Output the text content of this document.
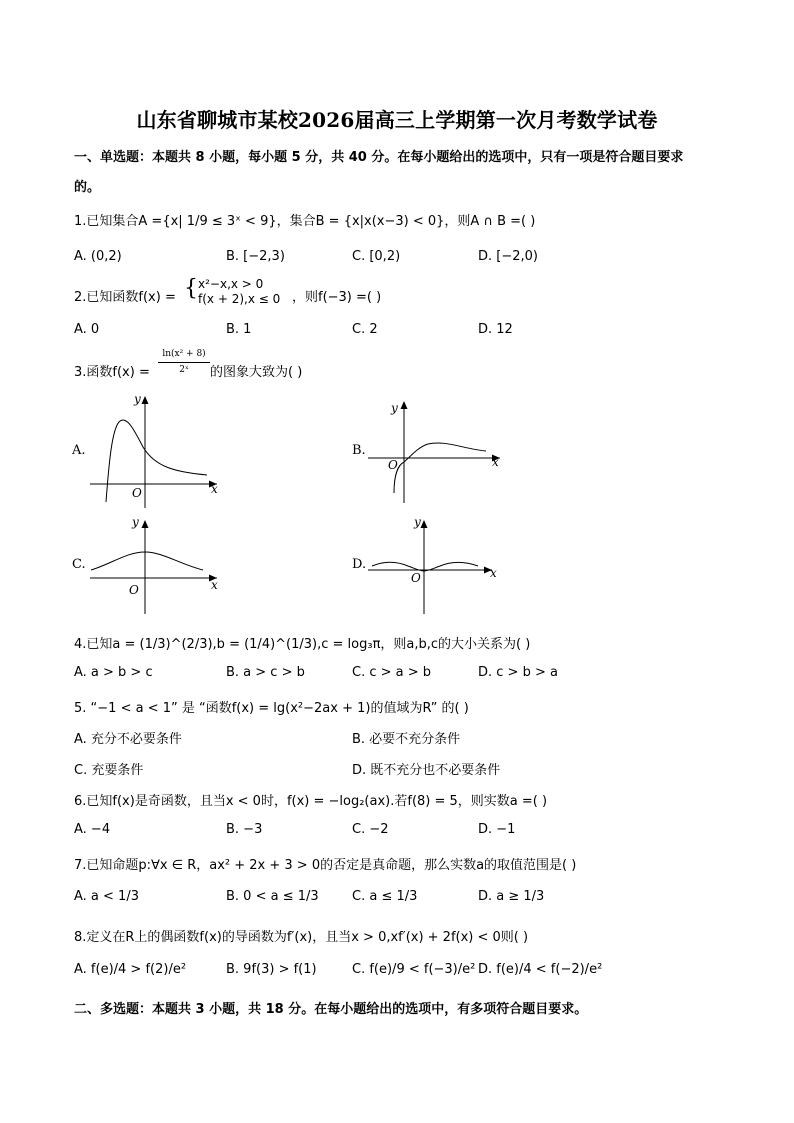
山东省聊城市某校2026届高三上学期第一次月考数学试卷
一、单选题：本题共 8 小题，每小题 5 分，共 40 分。在每小题给出的选项中，只有一项是符合题目要求
的。
1.已知集合A ={x| 1/9 ≤ 3ˣ < 9}，集合B = {x|x(x−3) < 0}，则A ∩ B =( )
A. (0,2)	B. [−2,3)	C. [0,2)	D. [−2,0)
2.已知函数f(x) = { x²−x,x > 0
f(x + 2),x ≤ 0 ，则f(−3) =( )
A. 0	B. 1	C. 2	D. 12
3.函数f(x) =
ln(x² + 8)
2ˣ	的图象大致为( )
A.	B.
C.	D.
x
y
O
x
y
O
x
y
O
x
y
O
4.已知a = (1/3)^(2/3),b = (1/4)^(1/3),c = log₃π，则a,b,c的大小关系为( )
A. a > b > c	B. a > c > b	C. c > a > b	D. c > b > a
5. “−1 < a < 1” 是 “函数f(x) = lg(x²−2ax + 1)的值域为R” 的( )
A. 充分不必要条件	B. 必要不充分条件
C. 充要条件	D. 既不充分也不必要条件
6.已知f(x)是奇函数，且当x < 0时，f(x) = −log₂(ax).若f(8) = 5，则实数a =( )
A. −4	B. −3	C. −2	D. −1
7.已知命题p:∀x ∈ R，ax² + 2x + 3 > 0的否定是真命题，那么实数a的取值范围是( )
A. a < 1/3	B. 0 < a ≤ 1/3	C. a ≤ 1/3	D. a ≥ 1/3
8.定义在R上的偶函数f(x)的导函数为f′(x)，且当x > 0,xf′(x) + 2f(x) < 0则( )
A. f(e)/4 > f(2)/e²	B. 9f(3) > f(1)	C. f(e)/9 < f(−3)/e² D. f(e)/4 < f(−2)/e²
二、多选题：本题共 3 小题，共 18 分。在每小题给出的选项中，有多项符合题目要求。
